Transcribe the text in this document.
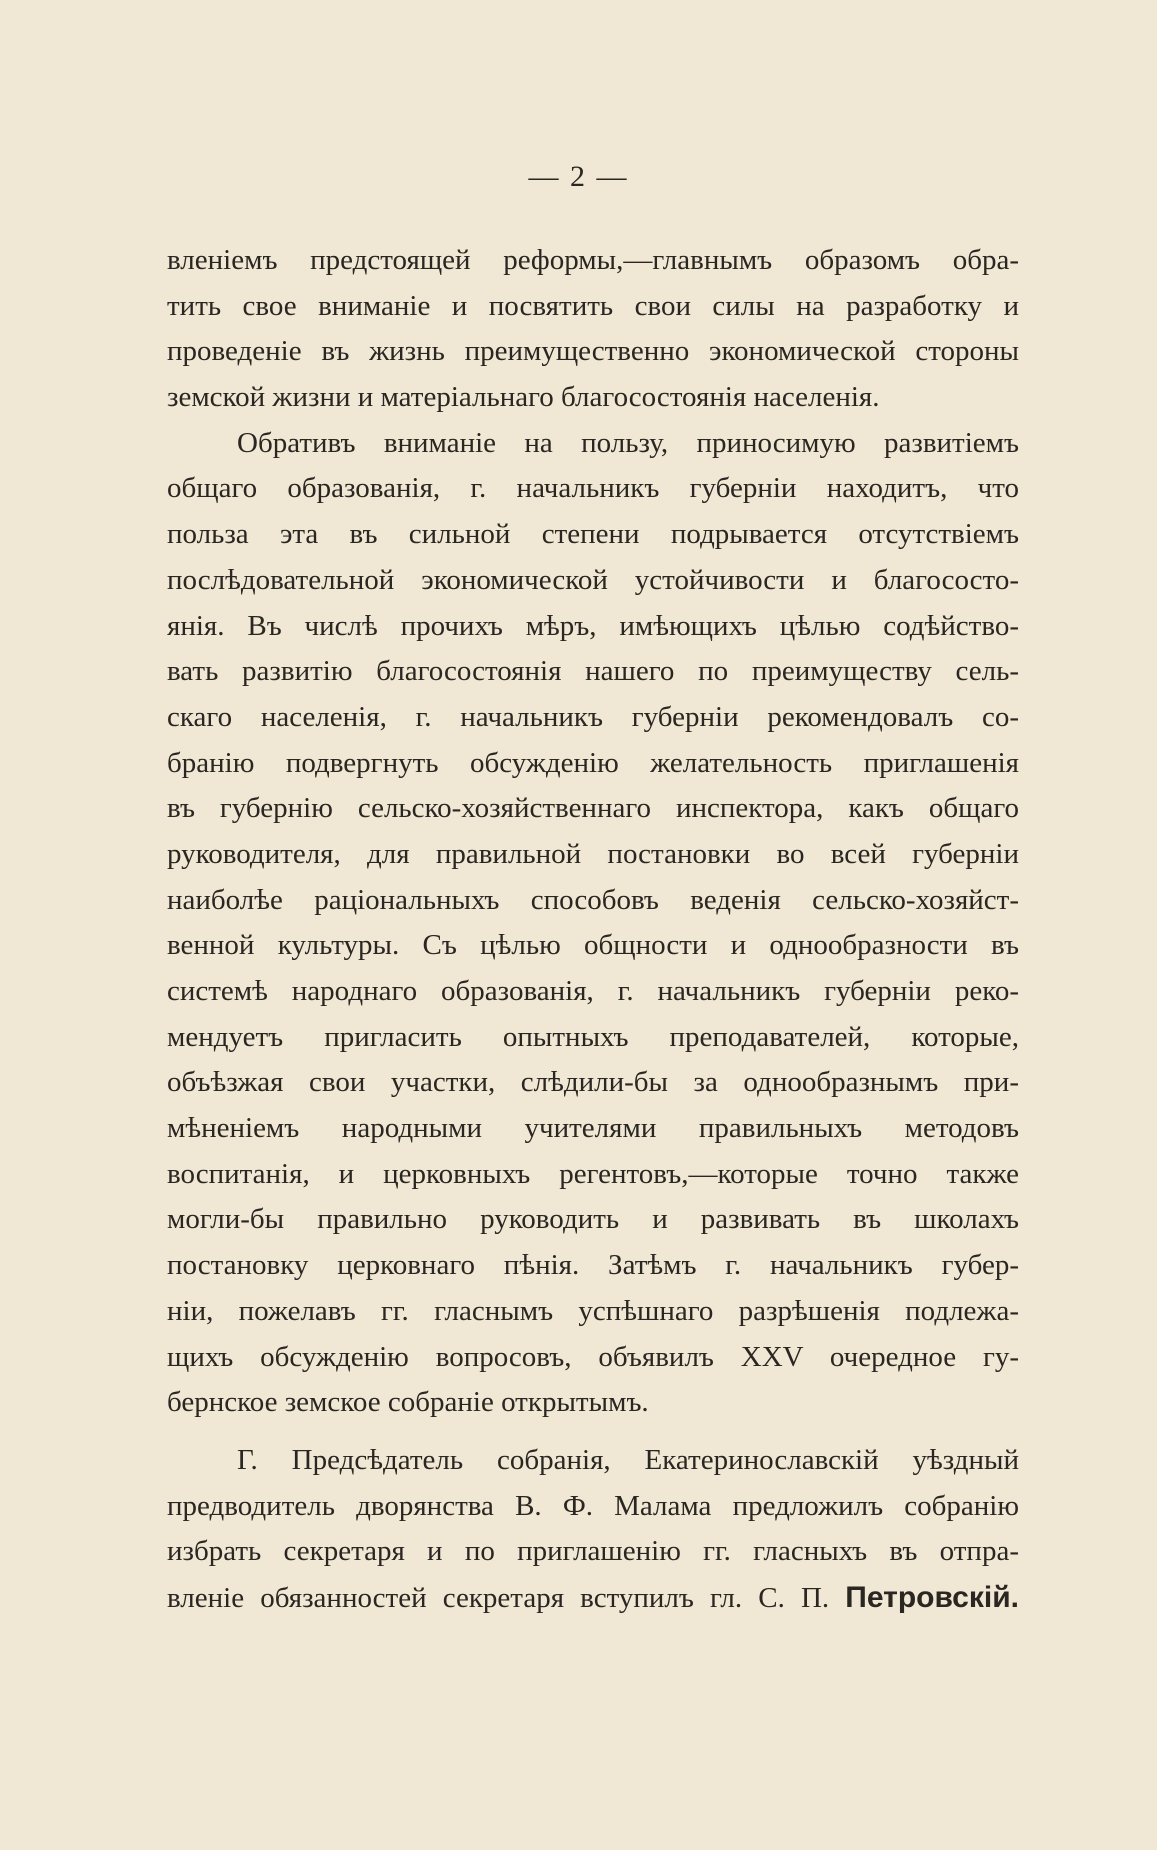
— 2 —
вленіемъ предстоящей реформы,—главнымъ образомъ обра-
тить свое вниманіе и посвятить свои силы на разработку и
проведеніе въ жизнь преимущественно экономической стороны
земской жизни и матеріальнаго благосостоянія населенія.
Обративъ вниманіе на пользу, приносимую развитіемъ
общаго образованія, г. начальникъ губерніи находитъ, что
польза эта въ сильной степени подрывается отсутствіемъ
послѣдовательной экономической устойчивости и благососто-
янія. Въ числѣ прочихъ мѣръ, имѣющихъ цѣлью содѣйство-
вать развитію благосостоянія нашего по преимуществу сель-
скаго населенія, г. начальникъ губерніи рекомендовалъ со-
бранію подвергнуть обсужденію желательность приглашенія
въ губернію сельско-хозяйственнаго инспектора, какъ общаго
руководителя, для правильной постановки во всей губерніи
наиболѣе раціональныхъ способовъ веденія сельско-хозяйст-
венной культуры. Съ цѣлью общности и однообразности въ
системѣ народнаго образованія, г. начальникъ губерніи реко-
мендуетъ пригласить опытныхъ преподавателей, которые,
объѣзжая свои участки, слѣдили-бы за однообразнымъ при-
мѣненіемъ народными учителями правильныхъ методовъ
воспитанія, и церковныхъ регентовъ,—которые точно также
могли-бы правильно руководить и развивать въ школахъ
постановку церковнаго пѣнія. Затѣмъ г. начальникъ губер-
ніи, пожелавъ гг. гласнымъ успѣшнаго разрѣшенія подлежа-
щихъ обсужденію вопросовъ, объявилъ XXV очередное гу-
бернское земское собраніе открытымъ.
Г. Предсѣдатель собранія, Екатеринославскій уѣздный
предводитель дворянства В. Ф. Малама предложилъ собранію
избрать секретаря и по приглашенію гг. гласныхъ въ отпра-
вленіе обязанностей секретаря вступилъ гл. С. П. Петровскій.
